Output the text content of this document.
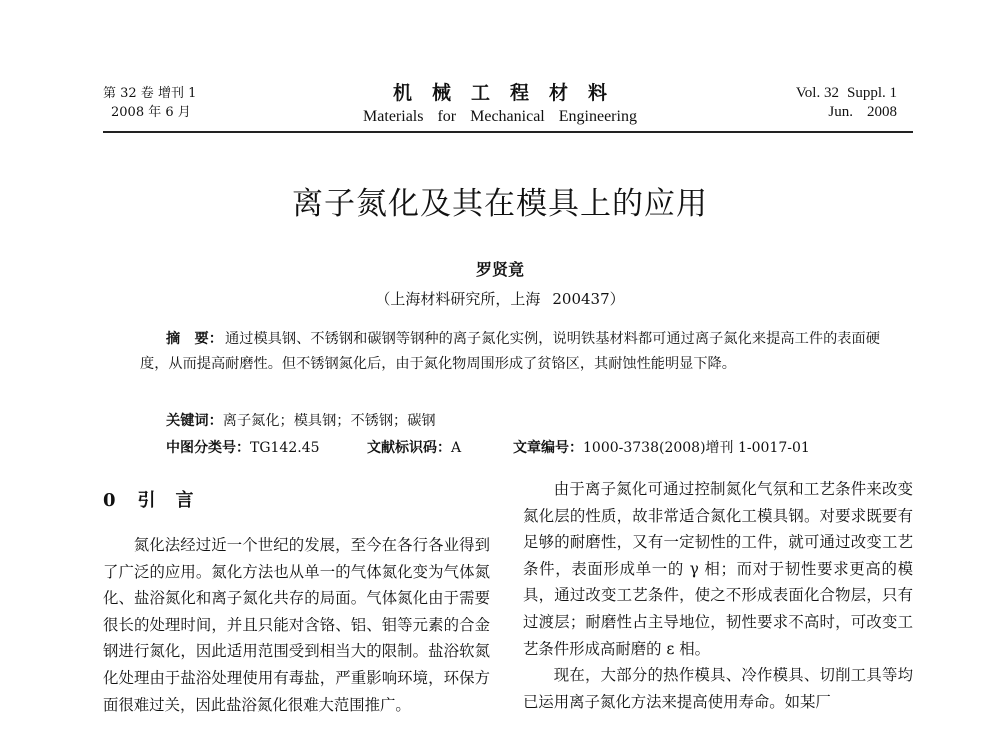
第 32 卷 增刊 1
2008 年 6 月
机械工程材料
Materials for Mechanical Engineering
Vol. 32 Suppl. 1
Jun. 2008
离子氮化及其在模具上的应用
罗贤竟
（上海材料研究所，上海 200437）
摘　要： 通过模具钢、不锈钢和碳钢等钢种的离子氮化实例，说明铁基材料都可通过离子氮化来提高工件的表面硬度，从而提高耐磨性。但不锈钢氮化后，由于氮化物周围形成了贫铬区，其耐蚀性能明显下降。
关键词：离子氮化；模具钢；不锈钢；碳钢
中图分类号：TG142.45	文献标识码：A	文章编号：1000-3738(2008)增刊 1-0017-01
0 引言

氮化法经过近一个世纪的发展，至今在各行各业得到了广泛的应用。氮化方法也从单一的气体氮化变为气体氮化、盐浴氮化和离子氮化共存的局面。气体氮化由于需要很长的处理时间，并且只能对含铬、铝、钼等元素的合金钢进行氮化，因此适用范围受到相当大的限制。盐浴软氮化处理由于盐浴处理使用有毒盐，严重影响环境，环保方面很难过关，因此盐浴氮化很难大范围推广。

由于离子氮化可通过控制氮化气氛和工艺条件来改变氮化层的性质，故非常适合氮化工模具钢。对要求既要有足够的耐磨性，又有一定韧性的工件，就可通过改变工艺条件，表面形成单一的 γ 相；而对于韧性要求更高的模具，通过改变工艺条件，使之不形成表面化合物层，只有过渡层；耐磨性占主导地位，韧性要求不高时，可改变工艺条件形成高耐磨的 ε 相。

现在，大部分的热作模具、冷作模具、切削工具等均已运用离子氮化方法来提高使用寿命。如某厂
